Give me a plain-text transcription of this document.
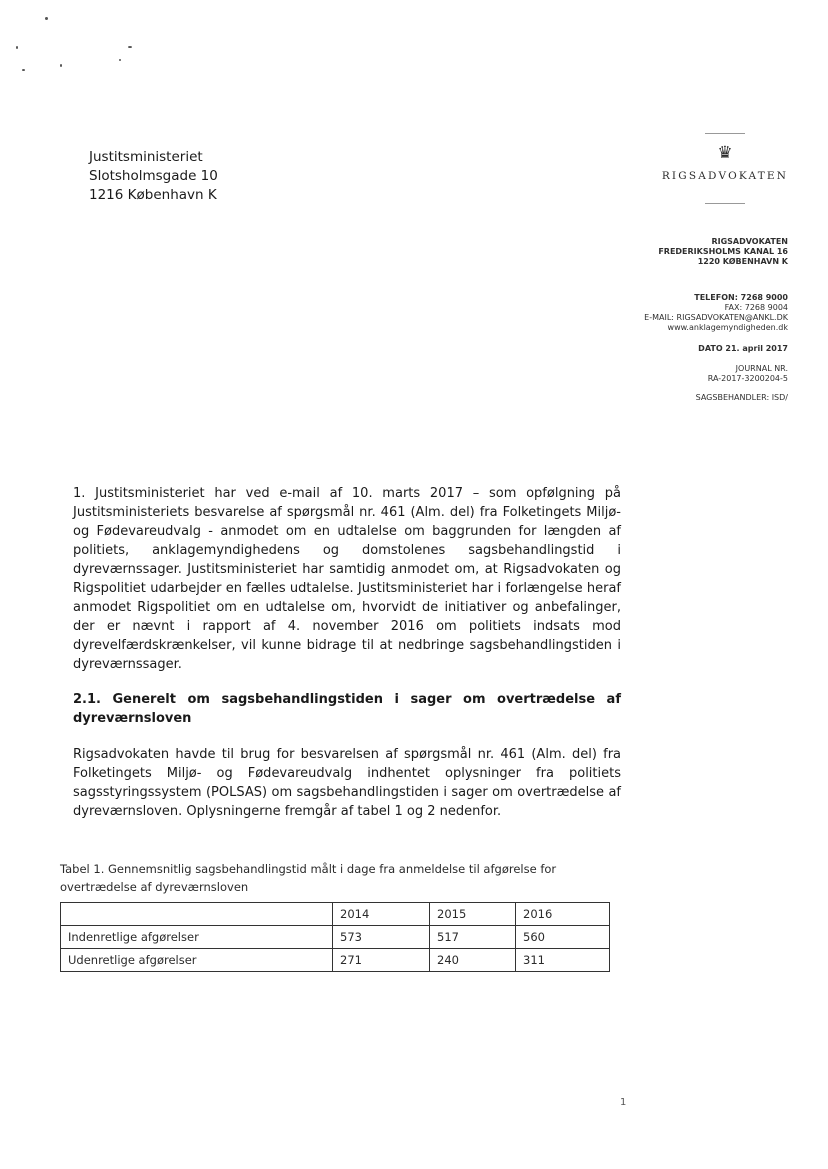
Justitsministeriet
Slotsholmsgade 10
1216 København K
♛
RIGSADVOKATEN
RIGSADVOKATEN
FREDERIKSHOLMS KANAL 16
1220 KØBENHAVN K
TELEFON: 7268 9000
FAX: 7268 9004
E-MAIL: RIGSADVOKATEN@ANKL.DK
www.anklagemyndigheden.dk
DATO 21. april 2017
JOURNAL NR.
RA-2017-3200204-5
SAGSBEHANDLER: ISD/

1. Justitsministeriet har ved e-mail af 10. marts 2017 – som opfølgning på Justitsministeriets besvarelse af spørgsmål nr. 461 (Alm. del) fra Folketingets Miljø- og Fødevareudvalg - anmodet om en udtalelse om baggrunden for længden af politiets, anklagemyndighedens og domstolenes sagsbehandlingstid i dyreværnssager. Justitsministeriet har samtidig anmodet om, at Rigsadvokaten og Rigspolitiet udarbejder en fælles udtalelse. Justitsministeriet har i forlængelse heraf anmodet Rigspolitiet om en udtalelse om, hvorvidt de initiativer og anbefalinger, der er nævnt i rapport af 4. november 2016 om politiets indsats mod dyrevelfærdskrænkelser, vil kunne bidrage til at nedbringe sagsbehandlingstiden i dyreværnssager.

2.1. Generelt om sagsbehandlingstiden i sager om overtrædelse af dyreværnsloven

Rigsadvokaten havde til brug for besvarelsen af spørgsmål nr. 461 (Alm. del) fra Folketingets Miljø- og Fødevareudvalg indhentet oplysninger fra politiets sagsstyringssystem (POLSAS) om sagsbehandlingstiden i sager om overtrædelse af dyreværnsloven. Oplysningerne fremgår af tabel 1 og 2 nedenfor.

Tabel 1. Gennemsnitlig sagsbehandlingstid målt i dage fra anmeldelse til afgørelse for overtrædelse af dyreværnsloven
	2014	2015	2016
Indenretlige afgørelser	573	517	560
Udenretlige afgørelser	271	240	311
1
